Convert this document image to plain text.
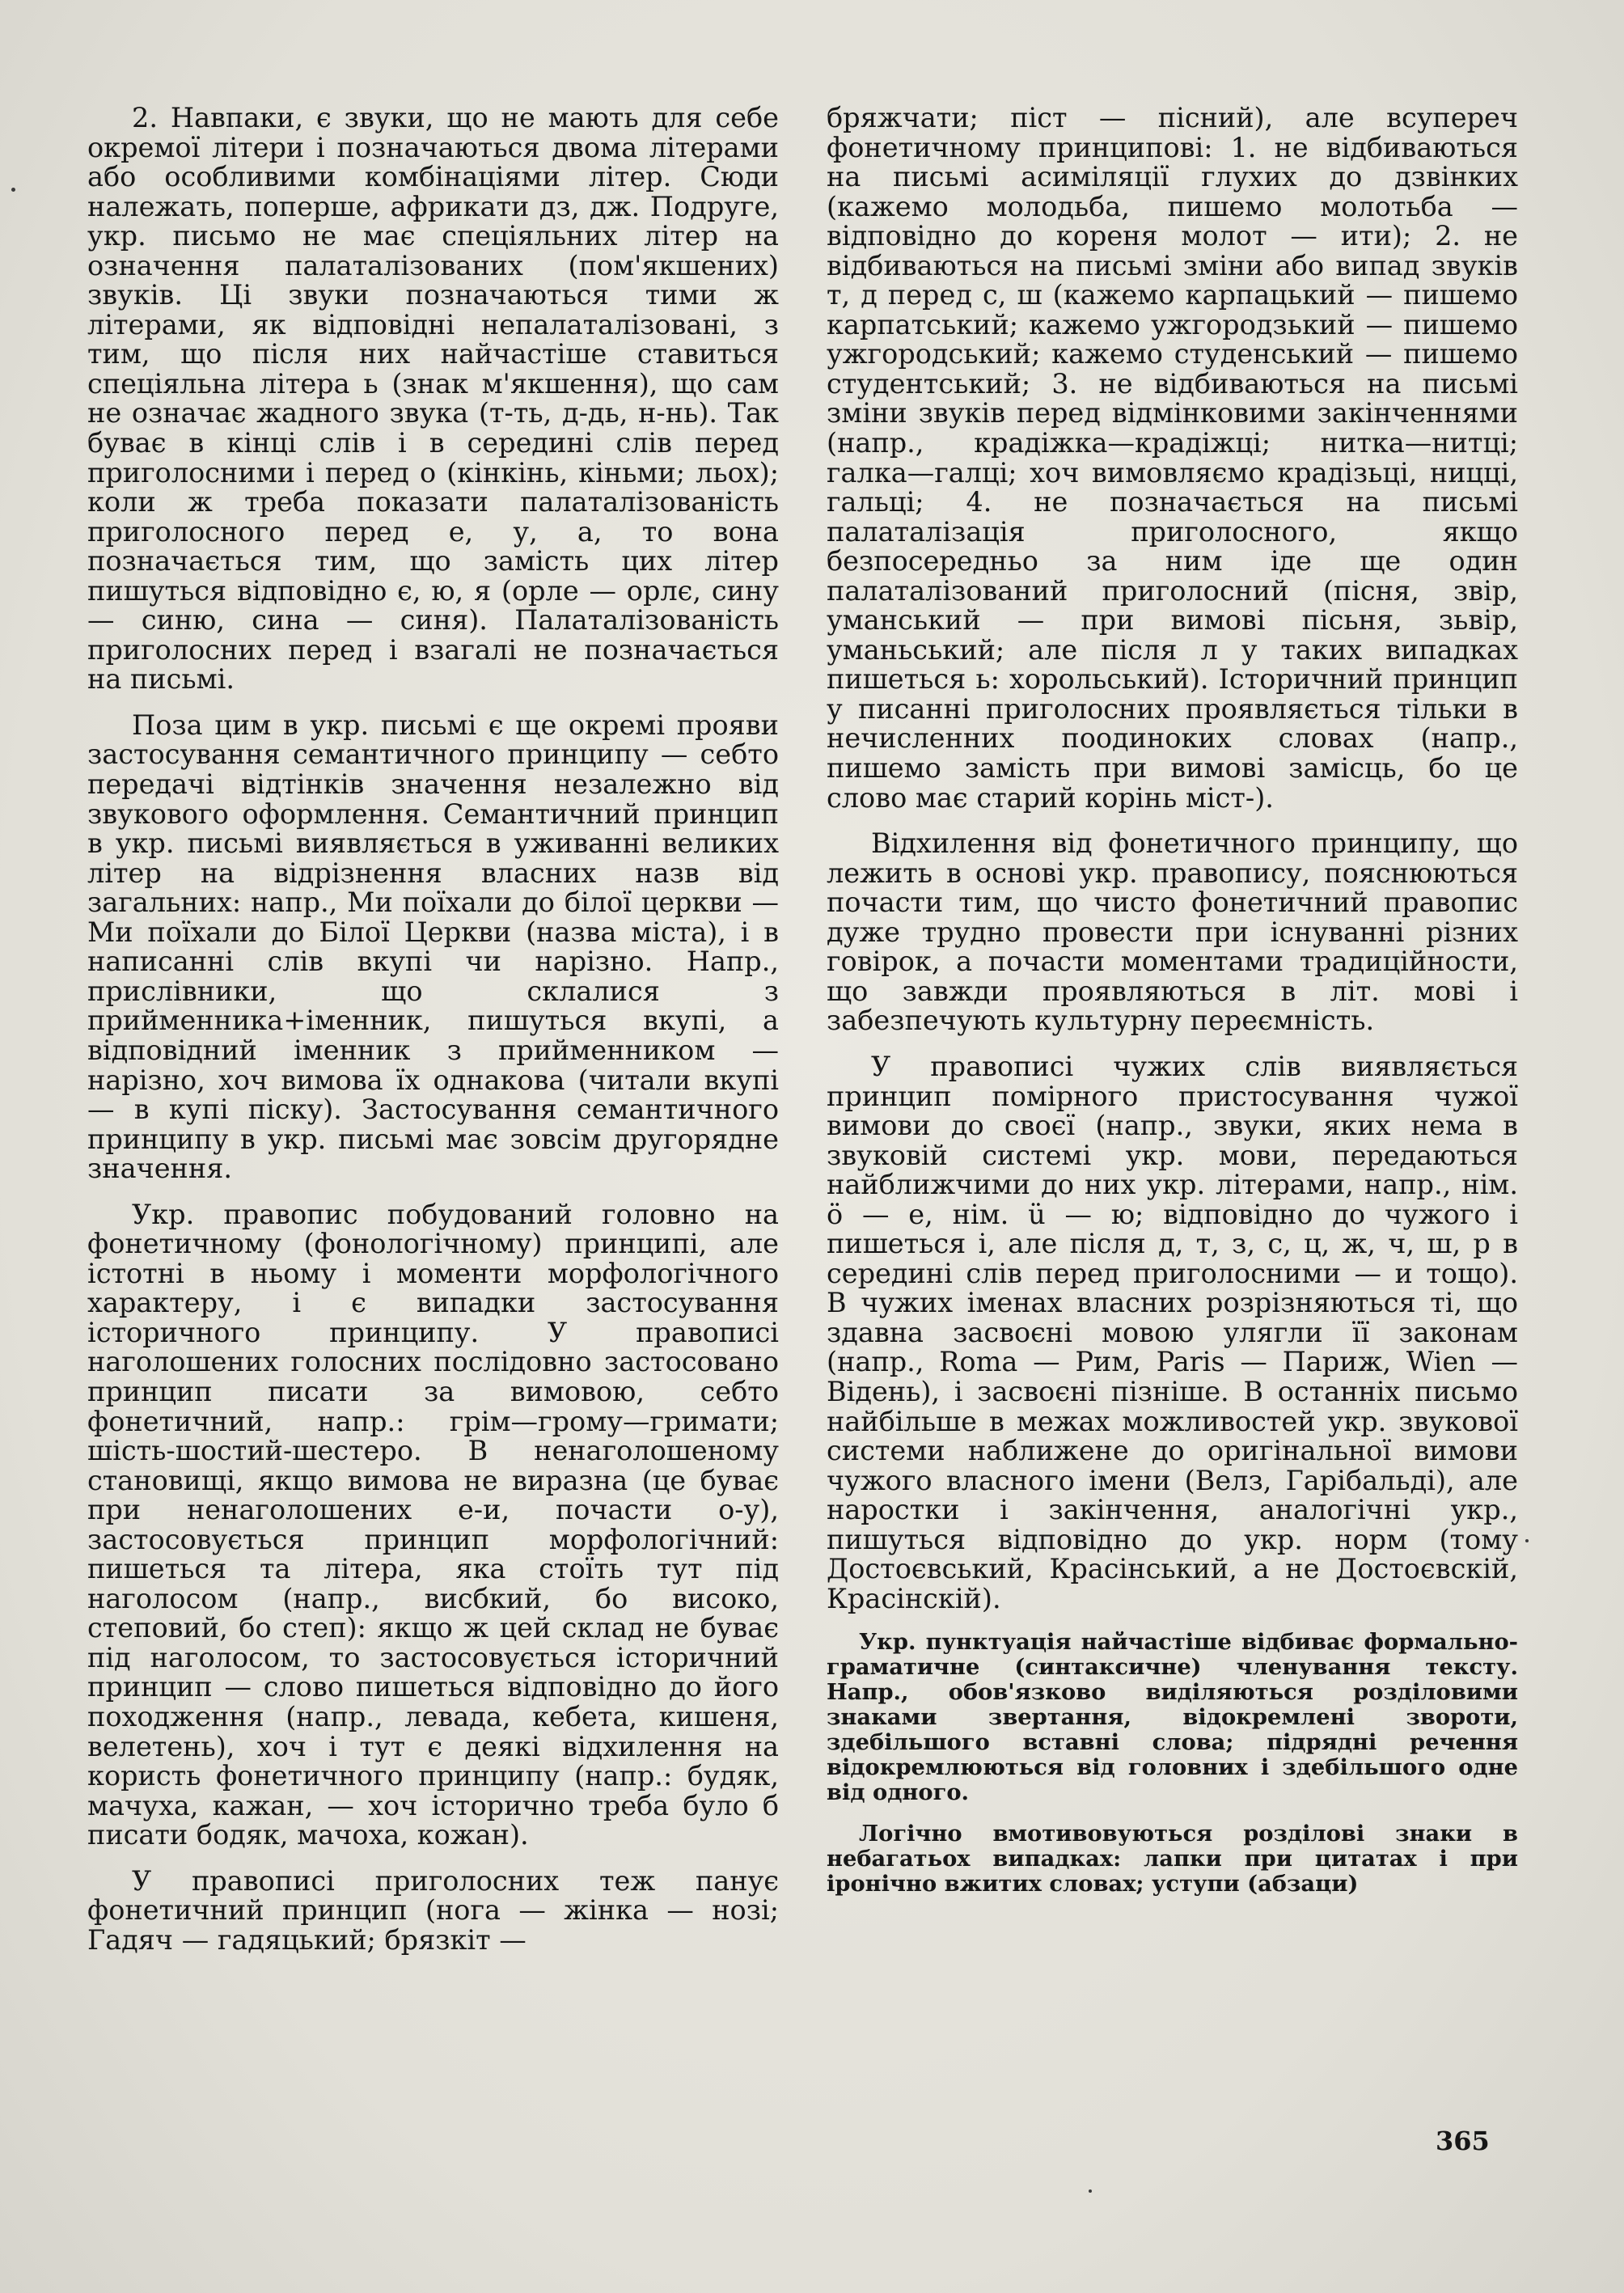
2. Навпаки, є звуки, що не мають для себе окремої літери і позначаються двома літерами або особливими комбінаціями літер. Сюди належать, поперше, африкати дз, дж. Подруге, укр. письмо не має спеціяльних літер на означення палаталізованих (пом'якшених) звуків. Ці звуки позначаються тими ж літерами, як відповідні непалаталізовані, з тим, що після них найчастіше ставиться спеціяльна літера ь (знак м'якшення), що сам не означає жадного звука (т-ть, д-дь, н-нь). Так буває в кінці слів і в середині слів перед приголосними і перед о (кінкінь, кіньми; льох); коли ж треба показати палаталізованість приголосного перед е, у, а, то вона позначається тим, що замість цих літер пишуться відповідно є, ю, я (орле — орлє, сину — синю, сина — синя). Палаталізованість приголосних перед і взагалі не позначається на письмі.

Поза цим в укр. письмі є ще окремі прояви застосування семантичного принципу — себто передачі відтінків значення незалежно від звукового оформлення. Семантичний принцип в укр. письмі виявляється в уживанні великих літер на відрізнення власних назв від загальних: напр., Ми поїхали до білої церкви — Ми поїхали до Білої Церкви (назва міста), і в написанні слів вкупі чи нарізно. Напр., прислівники, що склалися з прийменника+іменник, пишуться вкупі, а відповідний іменник з прийменником — нарізно, хоч вимова їх однакова (читали вкупі — в купі піску). Застосування семантичного принципу в укр. письмі має зовсім другорядне значення.

Укр. правопис побудований головно на фонетичному (фонологічному) принципі, але істотні в ньому і моменти морфологічного характеру, і є випадки застосування історичного принципу. У правописі наголошених голосних послідовно застосовано принцип писати за вимовою, себто фонетичний, напр.: грім—грому—гримати; шість-шостий-шестеро. В ненаголошеному становищі, якщо вимова не виразна (це буває при ненаголошених е-и, почасти о-у), застосовується принцип морфологічний: пишеться та літера, яка стоїть тут під наголосом (напр., висбкий, бо високо, степовий, бо степ): якщо ж цей склад не буває під наголосом, то застосовується історичний принцип — слово пишеться відповідно до його походження (напр., левада, кебета, кишеня, велетень), хоч і тут є деякі відхилення на користь фонетичного принципу (напр.: будяк, мачуха, кажан, — хоч історично треба було б писати бодяк, мачоха, кожан).

У правописі приголосних теж панує фонетичний принцип (нога — жінка — нозі; Гадяч — гадяцький; брязкіт —

бряжчати; піст — пісний), але всупереч фонетичному принципові: 1. не відбиваються на письмі асиміляції глухих до дзвінких (кажемо молодьба, пишемо молотьба — відповідно до кореня молот — ити); 2. не відбиваються на письмі зміни або випад звуків т, д перед с, ш (кажемо карпацький — пишемо карпатський; кажемо ужгородзький — пишемо ужгородський; кажемо студенський — пишемо студентський; 3. не відбиваються на письмі зміни звуків перед відмінковими закінченнями (напр., крадіжка—крадіжці; нитка—нитці; галка—галці; хоч вимовляємо крадізьці, ниццi, гальці; 4. не позначається на письмі палаталізація приголосного, якщо безпосередньо за ним іде ще один палаталізований приголосний (пісня, звір, уманський — при вимові пісьня, зьвір, уманьський; але після л у таких випадках пишеться ь: хорольський). Історичний принцип у писанні приголосних проявляється тільки в нечисленних поодиноких словах (напр., пишемо заміcть при вимові замісць, бо це слово має старий корінь міст-).

Відхилення від фонетичного принципу, що лежить в основі укр. правопису, пояснюються почасти тим, що чисто фонетичний правопис дуже трудно провести при існуванні різних говірок, а почасти моментами традиційности, що завжди проявляються в літ. мові і забезпечують культурну переємність.

У правописі чужих слів виявляється принцип помірного пристосування чужої вимови до своєї (напр., звуки, яких нема в звуковій системі укр. мови, передаються найближчими до них укр. літерами, напр., нім. ö — е, нім. ü — ю; відповідно до чужого і пишеться і, але після д, т, з, с, ц, ж, ч, ш, р в середині слів перед приголосними — и тощо). В чужих іменах власних розрізняються ті, що здавна засвоєні мовою улягли її законам (напр., Roma — Рим, Paris — Париж, Wien — Відень), і засвоєні пізніше. В останніх письмо найбільше в межах можливостей укр. звукової системи наближене до оригінальної вимови чужого власного імени (Велз, Гарібальді), але наростки і закінчення, аналогічні укр., пишуться відповідно до укр. норм (тому Достоєвський, Красінський, а не Достоєвскій, Красінскій).

Укр. пунктуація найчастіше відбиває формально-граматичне (синтаксичне) членування тексту. Напр., обов'язково виділяються розділовими знаками звертання, відокремлені звороти, здебільшого вставні слова; підрядні речення відокремлюються від головних і здебільшого одне від одного.

Логічно вмотивовуються розділові знаки в небагатьох випадках: лапки при цитатах і при іронічно вжитих словах; уступи (абзаци)

365
